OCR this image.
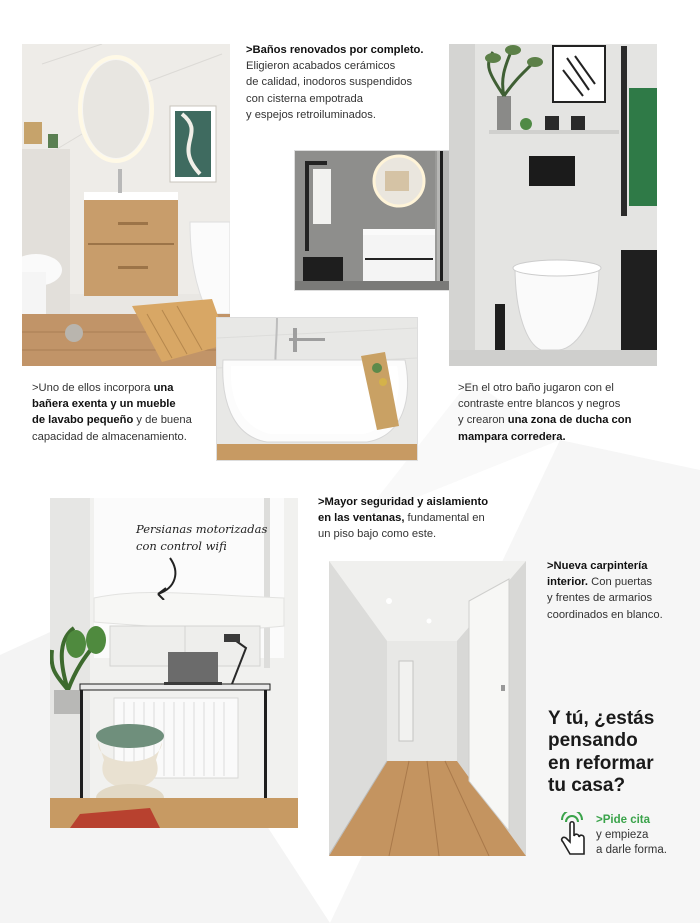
>Baños renovados por completo.
Eligieron acabados cerámicos
de calidad, inodoros suspendidos
con cisterna empotrada
y espejos retroiluminados.
>Uno de ellos incorpora una
bañera exenta y un mueble
de lavabo pequeño y de buena
capacidad de almacenamiento.
>En el otro baño jugaron con el
contraste entre blancos y negros
y crearon una zona de ducha con
mampara corredera.
>Mayor seguridad y aislamiento
en las ventanas, fundamental en
un piso bajo como este.
>Nueva carpintería
interior. Con puertas
y frentes de armarios
coordinados en blanco.
Persianas motorizadas
con control wifi
Y tú, ¿estás
pensando
en reformar
tu casa?
>Pide cita
y empieza
a darle forma.
